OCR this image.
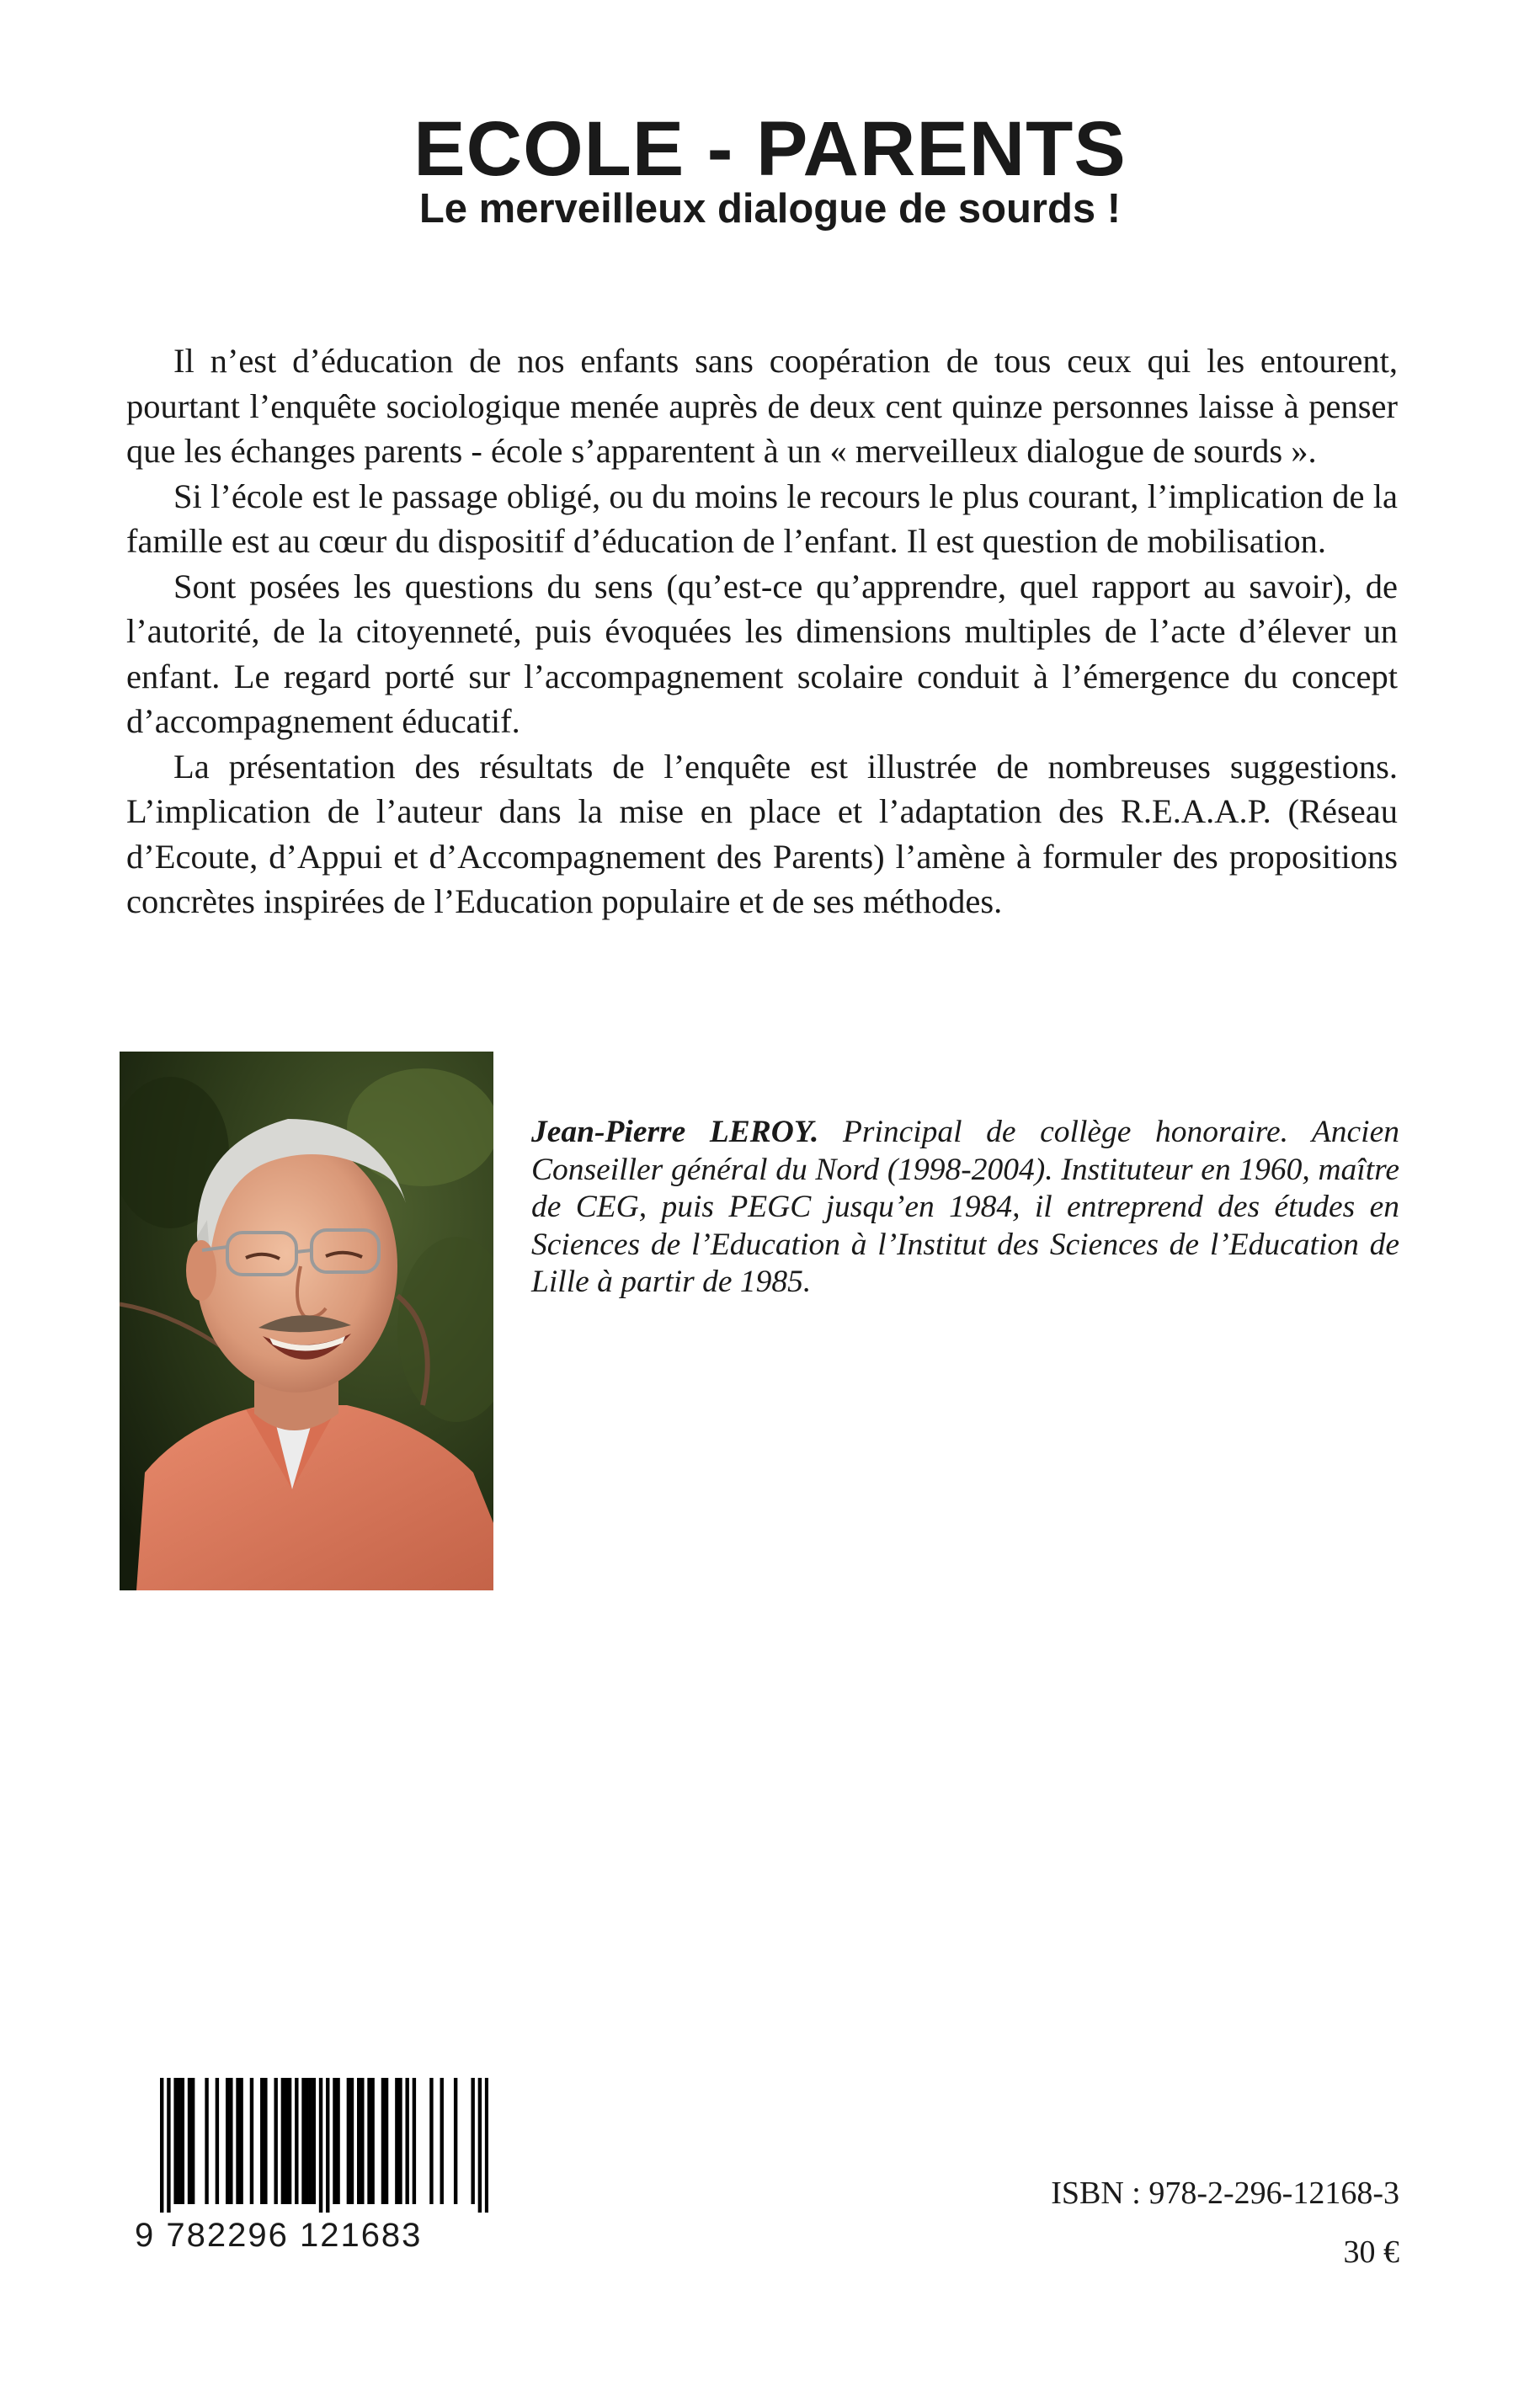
ECOLE - PARENTS
Le merveilleux dialogue de sourds !

Il n’est d’éducation de nos enfants sans coopération de tous ceux qui les entourent, pourtant l’enquête sociologique menée auprès de deux cent quinze personnes laisse à penser que les échanges parents - école s’apparentent à un « merveilleux dialogue de sourds ».

Si l’école est le passage obligé, ou du moins le recours le plus courant, l’implication de la famille est au cœur du dispositif d’éducation de l’enfant. Il est question de mobilisation.

Sont posées les questions du sens (qu’est-ce qu’apprendre, quel rapport au savoir), de l’autorité, de la citoyenneté, puis évoquées les dimensions multiples de l’acte d’élever un enfant. Le regard porté sur l’accompagnement scolaire conduit à l’émergence du concept d’accompagnement éducatif.

La présentation des résultats de l’enquête est illustrée de nombreuses suggestions. L’implication de l’auteur dans la mise en place et l’adaptation des R.E.A.A.P. (Réseau d’Ecoute, d’Appui et d’Accompagnement des Parents) l’amène à formuler des propositions concrètes inspirées de l’Education populaire et de ses méthodes.

Jean-Pierre LEROY. Principal de collège honoraire. Ancien Conseiller général du Nord (1998-2004). Instituteur en 1960, maître de CEG, puis PEGC jusqu’en 1984, il entreprend des études en Sciences de l’Education à l’Institut des Sciences de l’Education de Lille à partir de 1985.

9 782296 121683
ISBN : 978-2-296-12168-3
30 €
